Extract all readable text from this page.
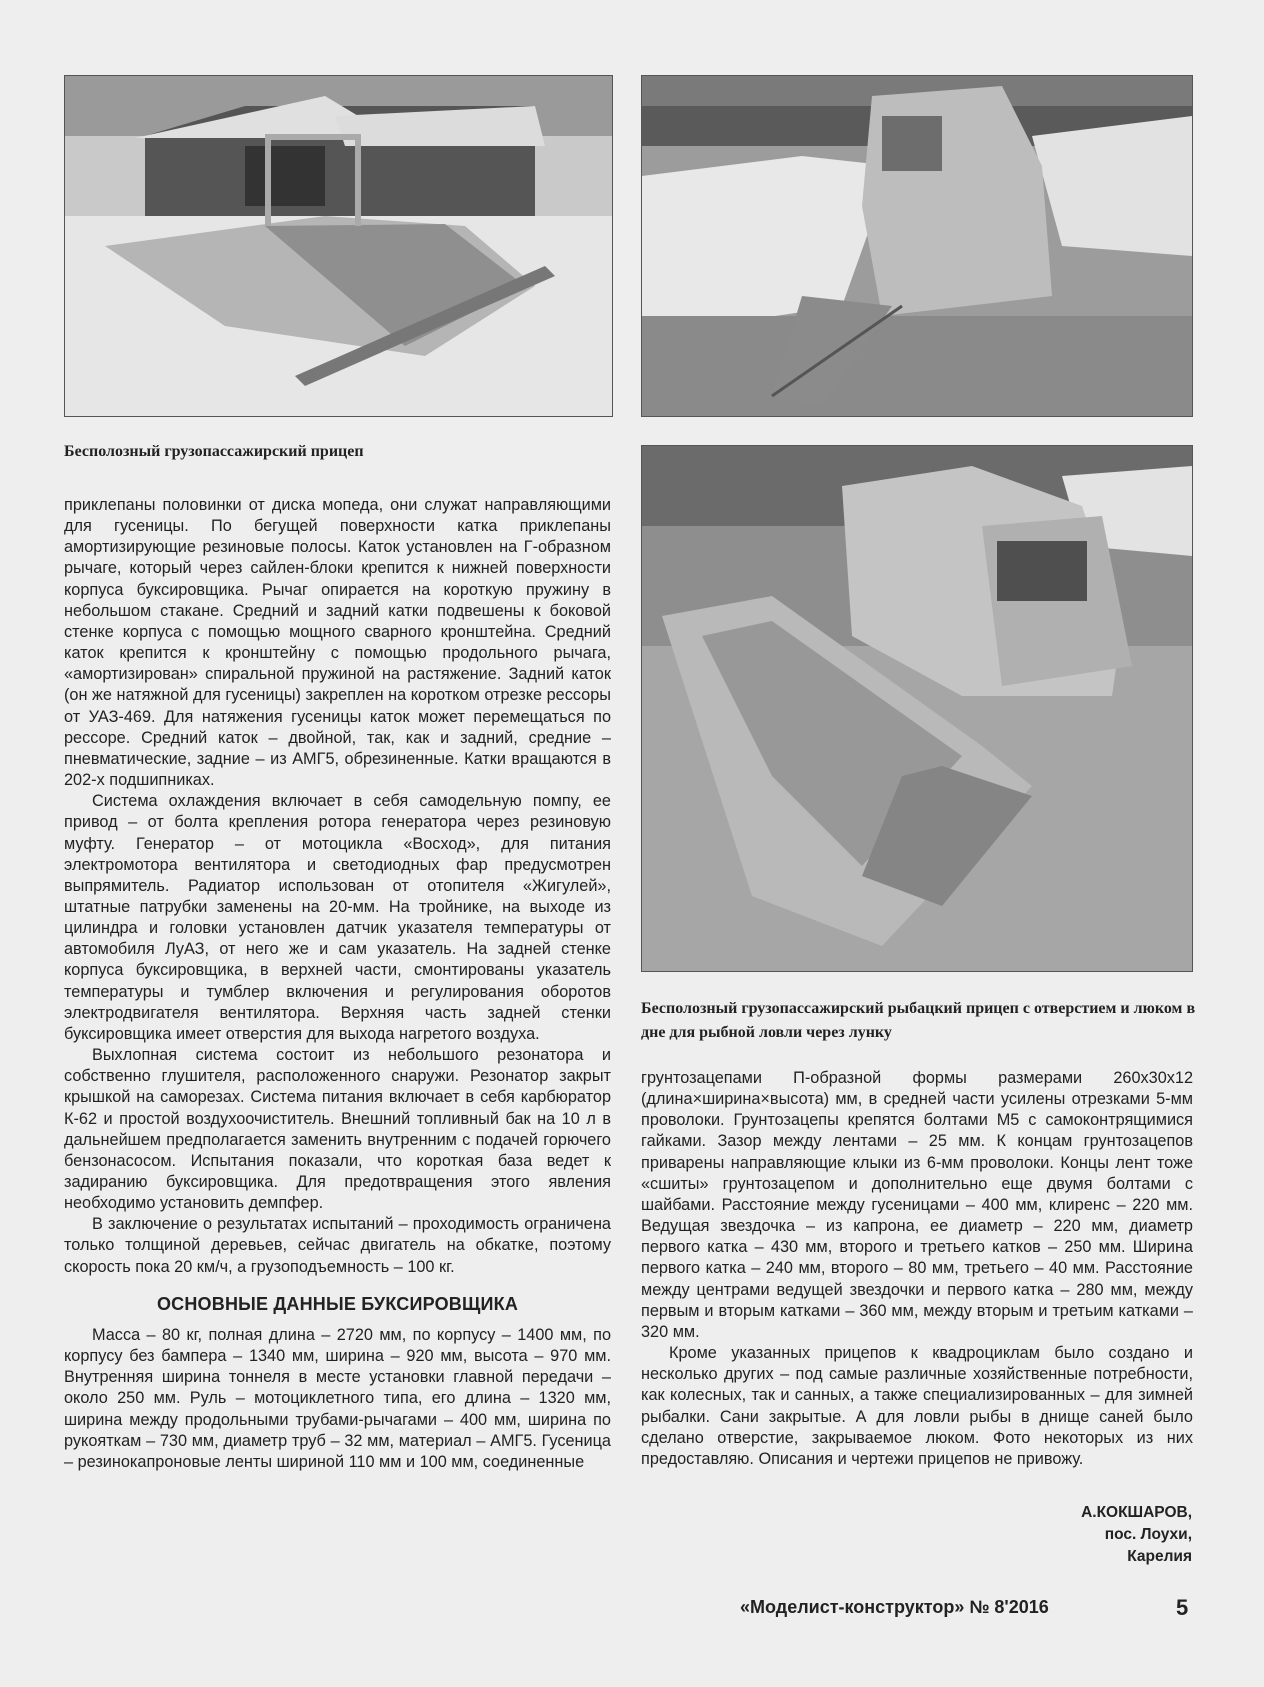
Бесполозный грузопассажирский прицеп
Бесполозный грузопассажирский рыбацкий прицеп с отверстием и люком в дне для рыбной ловли через лунку

приклепаны половинки от диска мопеда, они служат направляющими для гусеницы. По бегущей поверхности катка приклепаны амортизирующие резиновые полосы. Каток установлен на Г-образном рычаге, который через сайлен-блоки крепится к нижней поверхности корпуса буксировщика. Рычаг опирается на короткую пружину в небольшом стакане. Средний и задний катки подвешены к боковой стенке корпуса с помощью мощного сварного кронштейна. Средний каток крепится к кронштейну с помощью продольного рычага, «амортизирован» спиральной пружиной на растяжение. Задний каток (он же натяжной для гусеницы) закреплен на коротком отрезке рессоры от УАЗ-469. Для натяжения гусеницы каток может перемещаться по рессоре. Средний каток – двойной, так, как и задний, средние – пневматические, задние – из АМГ5, обрезиненные. Катки вращаются в 202-х подшипниках.

Система охлаждения включает в себя самодельную помпу, ее привод – от болта крепления ротора генератора через резиновую муфту. Генератор – от мотоцикла «Восход», для питания электромотора вентилятора и светодиодных фар предусмотрен выпрямитель. Радиатор использован от отопителя «Жигулей», штатные патрубки заменены на 20-мм. На тройнике, на выходе из цилиндра и головки установлен датчик указателя температуры от автомобиля ЛуАЗ, от него же и сам указатель. На задней стенке корпуса буксировщика, в верхней части, смонтированы указатель температуры и тумблер включения и регулирования оборотов электродвигателя вентилятора. Верхняя часть задней стенки буксировщика имеет отверстия для выхода нагретого воздуха.

Выхлопная система состоит из небольшого резонатора и собственно глушителя, расположенного снаружи. Резонатор закрыт крышкой на саморезах. Система питания включает в себя карбюратор К-62 и простой воздухоочиститель. Внешний топливный бак на 10 л в дальнейшем предполагается заменить внутренним с подачей горючего бензонасосом. Испытания показали, что короткая база ведет к задиранию буксировщика. Для предотвращения этого явления необходимо установить демпфер.

В заключение о результатах испытаний – проходимость ограничена только толщиной деревьев, сейчас двигатель на обкатке, поэтому скорость пока 20 км/ч, а грузоподъемность – 100 кг.

ОСНОВНЫЕ ДАННЫЕ БУКСИРОВЩИКА

Масса – 80 кг, полная длина – 2720 мм, по корпусу – 1400 мм, по корпусу без бампера – 1340 мм, ширина – 920 мм, высота – 970 мм. Внутренняя ширина тоннеля в месте установки главной передачи – около 250 мм. Руль – мотоциклетного типа, его длина – 1320 мм, ширина между продольными трубами-рычагами – 400 мм, ширина по рукояткам – 730 мм, диаметр труб – 32 мм, материал – АМГ5. Гусеница – резинокапроновые ленты шириной 110 мм и 100 мм, соединенные

грунтозацепами П-образной формы размерами 260x30x12 (длина×ширина×высота) мм, в средней части усилены отрезками 5-мм проволоки. Грунтозацепы крепятся болтами М5 с самоконтрящимися гайками. Зазор между лентами – 25 мм. К концам грунтозацепов приварены направляющие клыки из 6-мм проволоки. Концы лент тоже «сшиты» грунтозацепом и дополнительно еще двумя болтами с шайбами. Расстояние между гусеницами – 400 мм, клиренс – 220 мм. Ведущая звездочка – из капрона, ее диаметр – 220 мм, диаметр первого катка – 430 мм, второго и третьего катков – 250 мм. Ширина первого катка – 240 мм, второго – 80 мм, третьего – 40 мм. Расстояние между центрами ведущей звездочки и первого катка – 280 мм, между первым и вторым катками – 360 мм, между вторым и третьим катками – 320 мм.

Кроме указанных прицепов к квадроциклам было создано и несколько других – под самые различные хозяйственные потребности, как колесных, так и санных, а также специализированных – для зимней рыбалки. Сани закрытые. А для ловли рыбы в днище саней было сделано отверстие, закрываемое люком. Фото некоторых из них предоставляю. Описания и чертежи прицепов не привожу.

А.КОКШАРОВ,
пос. Лоухи,
Карелия
«Моделист-конструктор» № 8'2016	5
